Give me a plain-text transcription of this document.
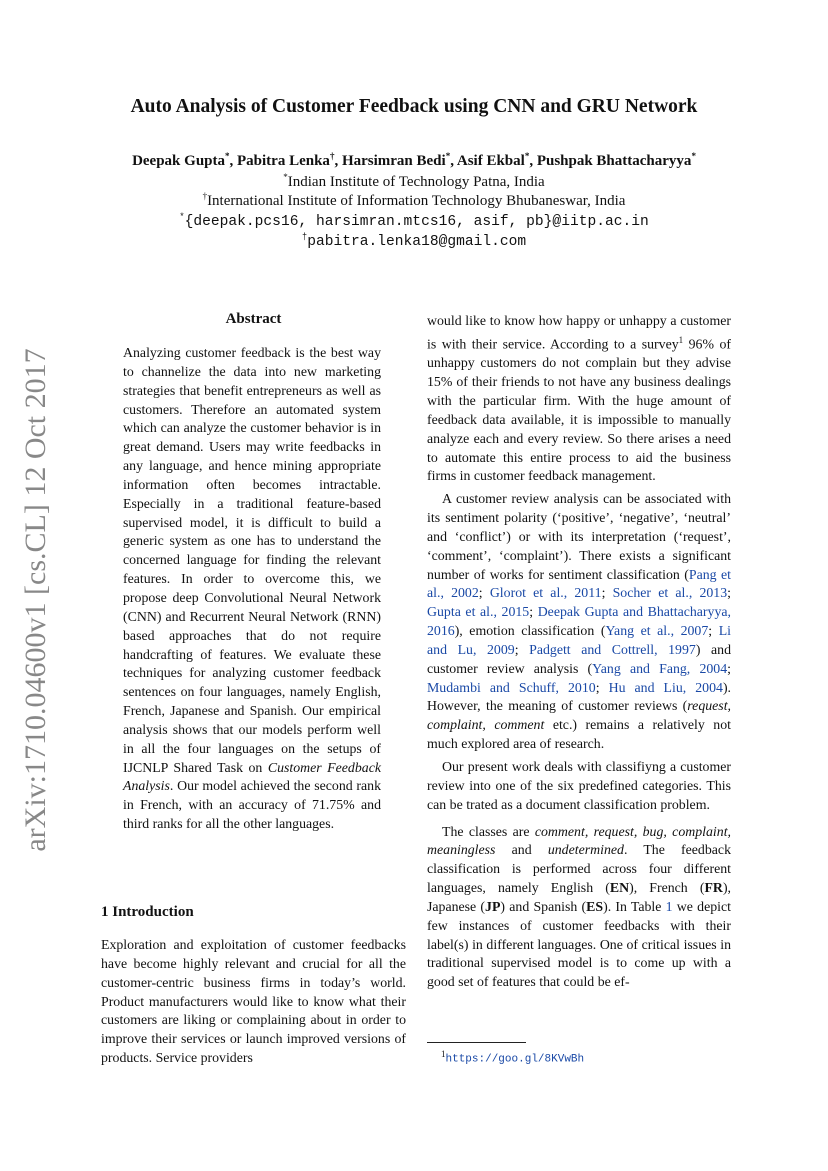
arXiv:1710.04600v1 [cs.CL] 12 Oct 2017
Auto Analysis of Customer Feedback using CNN and GRU Network
Deepak Gupta*, Pabitra Lenka†, Harsimran Bedi*, Asif Ekbal*, Pushpak Bhattacharyya*
*Indian Institute of Technology Patna, India
†International Institute of Information Technology Bhubaneswar, India
*{deepak.pcs16, harsimran.mtcs16, asif, pb}@iitp.ac.in
†pabitra.lenka18@gmail.com
Abstract
Analyzing customer feedback is the best way to channelize the data into new marketing strategies that benefit entrepreneurs as well as customers. Therefore an automated system which can analyze the customer behavior is in great demand. Users may write feedbacks in any language, and hence mining appropriate information often becomes intractable. Especially in a traditional feature-based supervised model, it is difficult to build a generic system as one has to understand the concerned language for finding the relevant features. In order to overcome this, we propose deep Convolutional Neural Network (CNN) and Recurrent Neural Network (RNN) based approaches that do not require handcrafting of features. We evaluate these techniques for analyzing customer feedback sentences on four languages, namely English, French, Japanese and Spanish. Our empirical analysis shows that our models perform well in all the four languages on the setups of IJCNLP Shared Task on Customer Feedback Analysis. Our model achieved the second rank in French, with an accuracy of 71.75% and third ranks for all the other languages.
1 Introduction
Exploration and exploitation of customer feedbacks have become highly relevant and crucial for all the customer-centric business firms in today’s world. Product manufacturers would like to know what their customers are liking or complaining about in order to improve their services or launch improved versions of products. Service providers

would like to know how happy or unhappy a customer is with their service. According to a survey$^1$ 96% of unhappy customers do not complain but they advise 15% of their friends to not have any business dealings with the particular firm. With the huge amount of feedback data available, it is impossible to manually analyze each and every review. So there arises a need to automate this entire process to aid the business firms in customer feedback management.

A customer review analysis can be associated with its sentiment polarity (‘positive’, ‘negative’, ‘neutral’ and ‘conflict’) or with its interpretation (‘request’, ‘comment’, ‘complaint’). There exists a significant number of works for sentiment classification (Pang et al., 2002; Glorot et al., 2011; Socher et al., 2013; Gupta et al., 2015; Deepak Gupta and Bhattacharyya, 2016), emotion classification (Yang et al., 2007; Li and Lu, 2009; Padgett and Cottrell, 1997) and customer review analysis (Yang and Fang, 2004; Mudambi and Schuff, 2010; Hu and Liu, 2004). However, the meaning of customer reviews (request, complaint, comment etc.) remains a relatively not much explored area of research.

Our present work deals with classifiyng a customer review into one of the six predefined categories. This can be trated as a document classification problem.

The classes are comment, request, bug, complaint, meaningless and undetermined. The feedback classification is performed across four different languages, namely English (EN), French (FR), Japanese (JP) and Spanish (ES). In Table 1 we depict few instances of customer feedbacks with their label(s) in different languages. One of critical issues in traditional supervised model is to come up with a good set of features that could be ef-

$^1$https://goo.gl/8KVwBh
